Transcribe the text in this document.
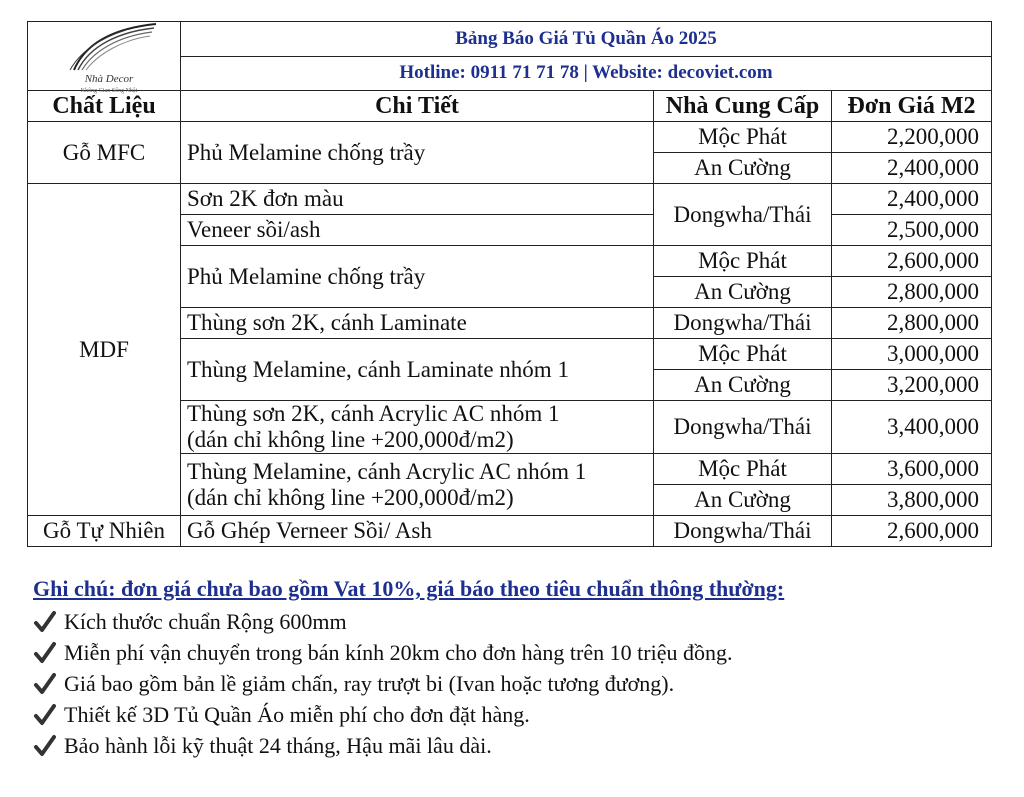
Nhà Decor
Không Gian Sống Nhật	Bảng Báo Giá Tủ Quần Áo 2025		
	Hotline: 0911 71 71 78 | Website: decoviet.com		
Chất Liệu	Chi Tiết	Nhà Cung Cấp	Đơn Giá M2
Gỗ MFC	Phủ Melamine chống trầy	Mộc Phát	2,200,000
		An Cường	2,400,000
MDF	Sơn 2K đơn màu	Dongwha/Thái	2,400,000
	Veneer sồi/ash		2,500,000
	Phủ Melamine chống trầy	Mộc Phát	2,600,000
		An Cường	2,800,000
	Thùng sơn 2K, cánh Laminate	Dongwha/Thái	2,800,000
	Thùng Melamine, cánh Laminate nhóm 1	Mộc Phát	3,000,000
		An Cường	3,200,000

	Thùng sơn 2K, cánh Acrylic AC nhóm 1
(dán chỉ không line +200,000đ/m2)	Dongwha/Thái	3,400,000

	Thùng Melamine, cánh Acrylic AC nhóm 1
(dán chỉ không line +200,000đ/m2)	Mộc Phát	3,600,000
		An Cường	3,800,000
Gỗ Tự Nhiên	Gỗ Ghép Verneer Sồi/ Ash	Dongwha/Thái	2,600,000
Ghi chú: đơn giá chưa bao gồm Vat 10%, giá báo theo tiêu chuẩn thông thường:
Kích thước chuẩn Rộng 600mm
Miễn phí vận chuyển trong bán kính 20km cho đơn hàng trên 10 triệu đồng.
Giá bao gồm bản lề giảm chấn, ray trượt bi (Ivan hoặc tương đương).
Thiết kế 3D Tủ Quần Áo miễn phí cho đơn đặt hàng.
Bảo hành lỗi kỹ thuật 24 tháng, Hậu mãi lâu dài.
